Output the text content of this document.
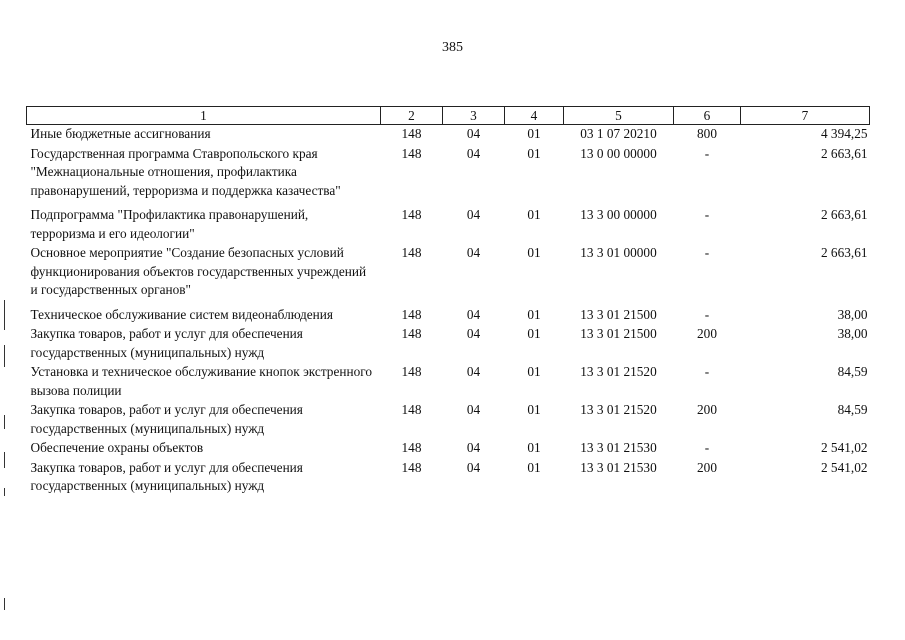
385
1	2	3	4	5	6	7
Иные бюджетные ассигнования	148	04	01	03 1 07 20210	800	4 394,25
Государственная программа Ставропольского края "Межнациональные отношения, профилактика правонарушений, терроризма и поддержка казачества"	148	04	01	13 0 00 00000	-	2 663,61
Подпрограмма "Профилактика правонарушений, терроризма и его идеологии"	148	04	01	13 3 00 00000	-	2 663,61
Основное мероприятие "Создание безопасных условий функционирования объектов государственных учреждений и государственных органов"	148	04	01	13 3 01 00000	-	2 663,61
Техническое обслуживание систем видеонаблюдения	148	04	01	13 3 01 21500	-	38,00
Закупка товаров, работ и услуг для обеспечения государственных (муниципальных) нужд	148	04	01	13 3 01 21500	200	38,00
Установка и техническое обслуживание кнопок экстренного вызова полиции	148	04	01	13 3 01 21520	-	84,59
Закупка товаров, работ и услуг для обеспечения государственных (муниципальных) нужд	148	04	01	13 3 01 21520	200	84,59
Обеспечение охраны объектов	148	04	01	13 3 01 21530	-	2 541,02
Закупка товаров, работ и услуг для обеспечения государственных (муниципальных) нужд	148	04	01	13 3 01 21530	200	2 541,02
